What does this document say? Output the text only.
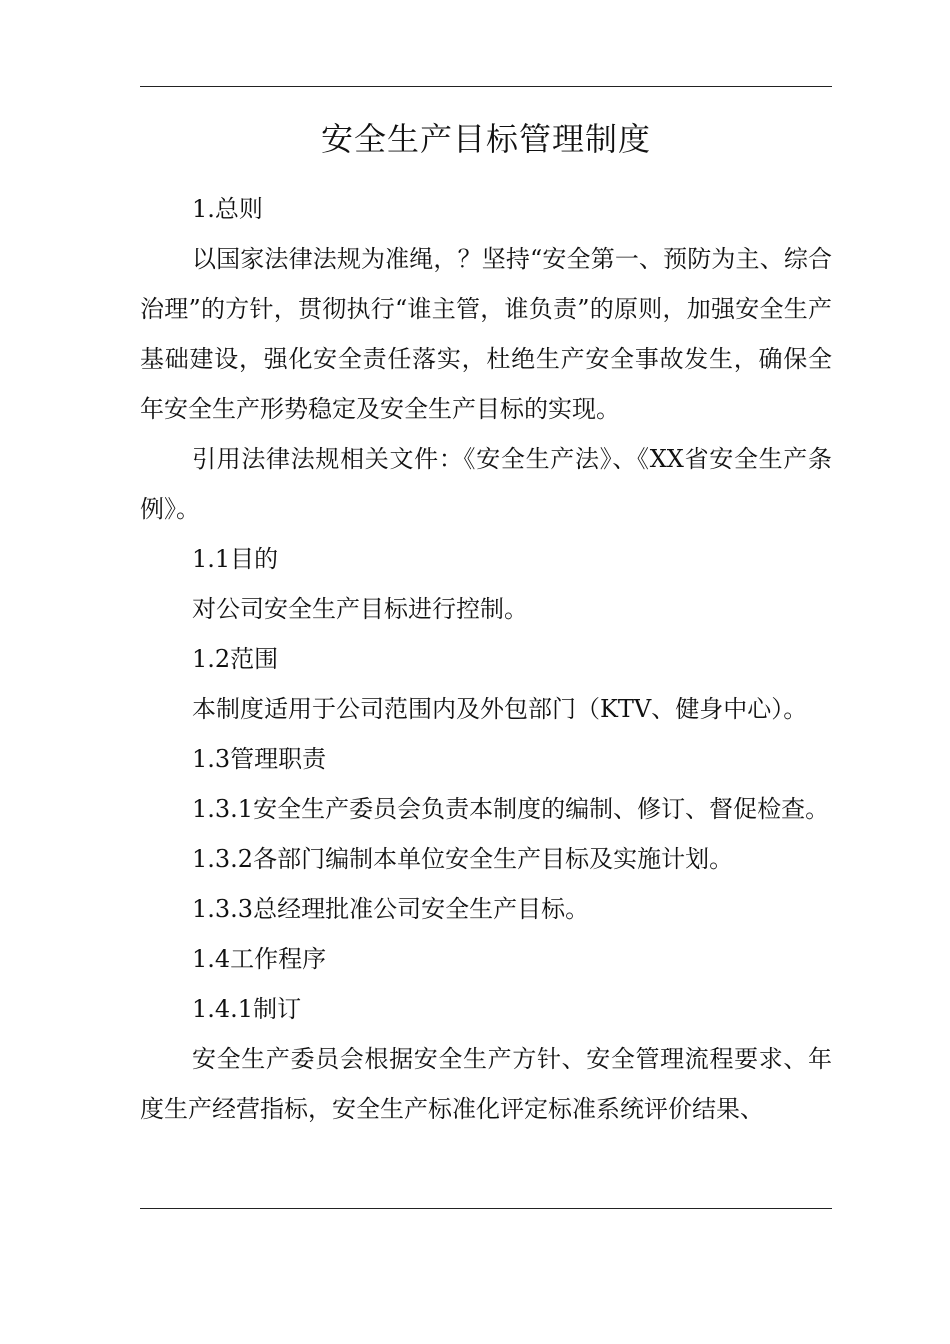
安全生产目标管理制度

1.总则

以国家法律法规为准绳，？坚持“安全第一、预防为主、综合治理”的方针，贯彻执行“谁主管，谁负责”的原则，加强安全生产基础建设，强化安全责任落实，杜绝生产安全事故发生，确保全年安全生产形势稳定及安全生产目标的实现。

引用法律法规相关文件：《安全生产法》、《XX省安全生产条例》。

1.1目的

对公司安全生产目标进行控制。

1.2范围

本制度适用于公司范围内及外包部门（KTV、健身中心）。

1.3管理职责

1.3.1安全生产委员会负责本制度的编制、修订、督促检查。

1.3.2各部门编制本单位安全生产目标及实施计划。

1.3.3总经理批准公司安全生产目标。

1.4工作程序

1.4.1制订

安全生产委员会根据安全生产方针、安全管理流程要求、年度生产经营指标，安全生产标准化评定标准系统评价结果、
